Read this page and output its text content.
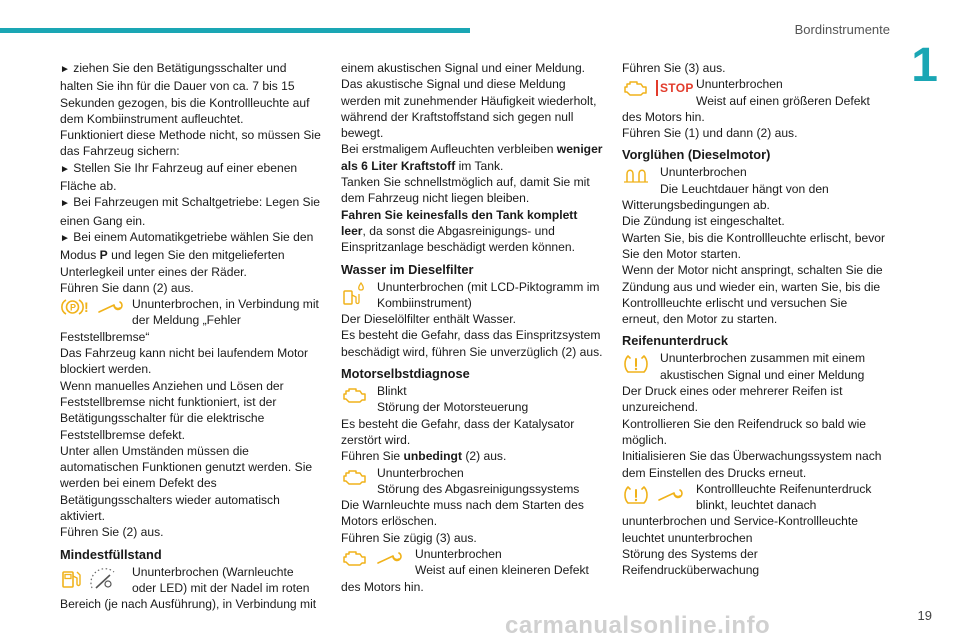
Bordinstrumente
1

► ziehen Sie den Betätigungsschalter und halten Sie ihn für die Dauer von ca. 7 bis 15 Sekunden gezogen, bis die Kontrollleuchte auf dem Kombiinstrument aufleuchtet.

Funktioniert diese Methode nicht, so müssen Sie das Fahrzeug sichern:

► Stellen Sie Ihr Fahrzeug auf einer ebenen Fläche ab.

► Bei Fahrzeugen mit Schaltgetriebe: Legen Sie einen Gang ein.

► Bei einem Automatikgetriebe wählen Sie den Modus P und legen Sie den mitgelieferten Unterlegkeil unter eines der Räder.

Führen Sie dann (2) aus.

P !	Ununterbrochen, in Verbindung mit

der Meldung „Fehler

Feststellbremse“

Das Fahrzeug kann nicht bei laufendem Motor blockiert werden.

Wenn manuelles Anziehen und Lösen der Feststellbremse nicht funktioniert, ist der Betätigungsschalter für die elektrische Feststellbremse defekt.

Unter allen Umständen müssen die automatischen Funktionen genutzt werden. Sie werden bei einem Defekt des Betätigungsschalters wieder automatisch aktiviert.

Führen Sie (2) aus.

Mindestfüllstand

Ununterbrochen (Warnleuchte

oder LED) mit der Nadel im roten

Bereich (je nach Ausführung), in Verbindung mit

einem akustischen Signal und einer Meldung.

Das akustische Signal und diese Meldung werden mit zunehmender Häufigkeit wiederholt, während der Kraftstoffstand sich gegen null bewegt.

Bei erstmaligem Aufleuchten verbleiben weniger als 6 Liter Kraftstoff im Tank.

Tanken Sie schnellstmöglich auf, damit Sie mit dem Fahrzeug nicht liegen bleiben.

Fahren Sie keinesfalls den Tank komplett leer, da sonst die Abgasreinigungs- und Einspritzanlage beschädigt werden können.

Wasser im Dieselfilter

Ununterbrochen (mit LCD-Piktogramm im

Kombiinstrument)

Der Dieselölfilter enthält Wasser.

Es besteht die Gefahr, dass das Einspritzsystem beschädigt wird, führen Sie unverzüglich (2) aus.

Motorselbstdiagnose

Blinkt

Störung der Motorsteuerung

Es besteht die Gefahr, dass der Katalysator zerstört wird.

Führen Sie unbedingt (2) aus.

Ununterbrochen

Störung des Abgasreinigungssystems

Die Warnleuchte muss nach dem Starten des Motors erlöschen.

Führen Sie zügig (3) aus.

Ununterbrochen

Weist auf einen kleineren Defekt

des Motors hin.

Führen Sie (3) aus.

STOP Ununterbrochen

Weist auf einen größeren Defekt

des Motors hin.

Führen Sie (1) und dann (2) aus.

Vorglühen (Dieselmotor)

Ununterbrochen

Die Leuchtdauer hängt von den

Witterungsbedingungen ab.

Die Zündung ist eingeschaltet.

Warten Sie, bis die Kontrollleuchte erlischt, bevor Sie den Motor starten.

Wenn der Motor nicht anspringt, schalten Sie die Zündung aus und wieder ein, warten Sie, bis die Kontrollleuchte erlischt und versuchen Sie erneut, den Motor zu starten.

Reifenunterdruck

Ununterbrochen zusammen mit einem

akustischen Signal und einer Meldung

Der Druck eines oder mehrerer Reifen ist unzureichend.

Kontrollieren Sie den Reifendruck so bald wie möglich.

Initialisieren Sie das Überwachungssystem nach dem Einstellen des Drucks erneut.

Kontrollleuchte Reifenunterdruck

blinkt, leuchtet danach

ununterbrochen und Service-Kontrollleuchte leuchtet ununterbrochen

Störung des Systems der Reifendrucküberwachung

carmanualsonline.info	19
